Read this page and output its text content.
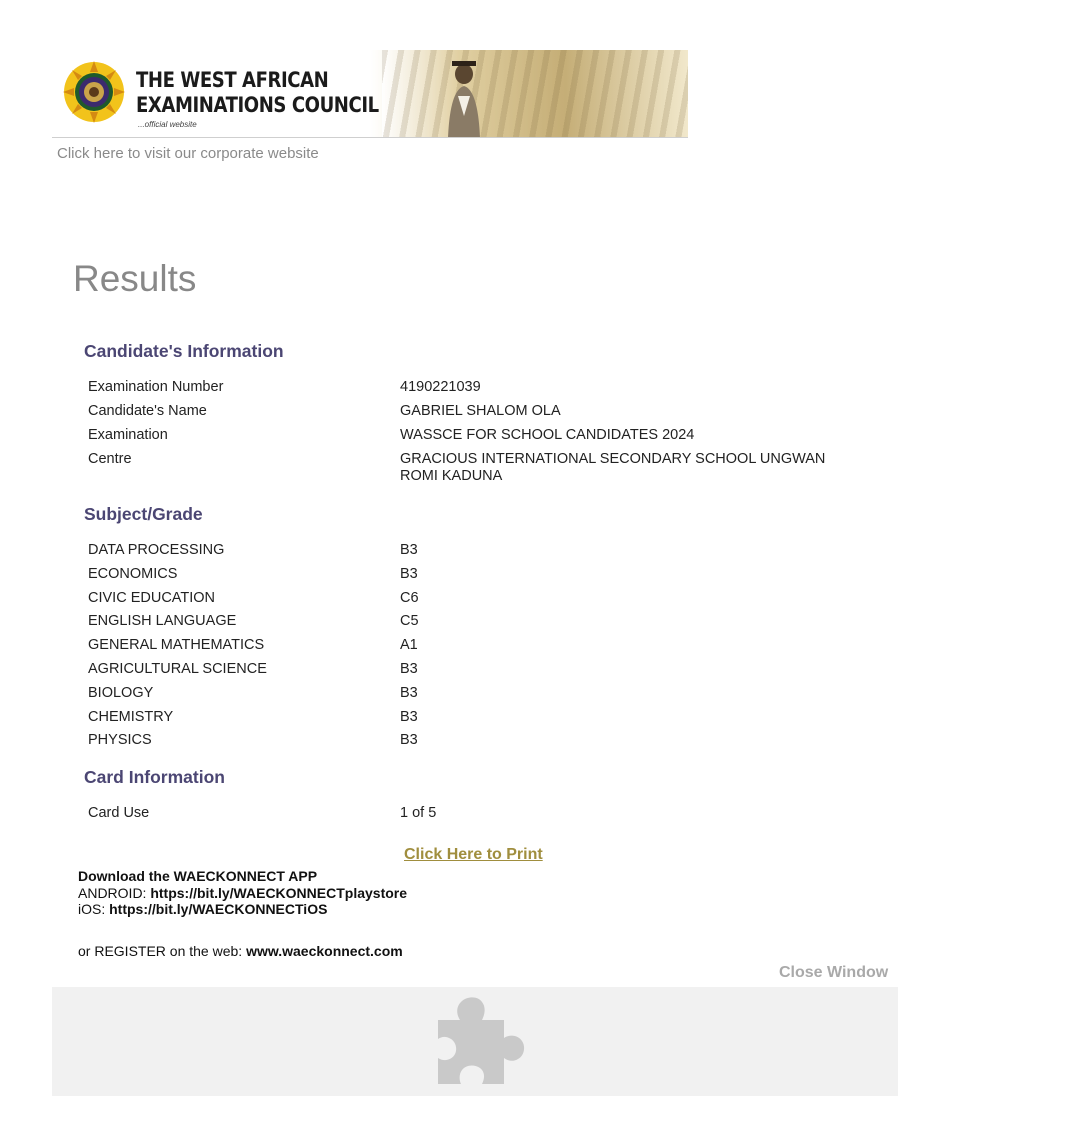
THE WEST AFRICAN
EXAMINATIONS COUNCIL
...official website
Click here to visit our corporate website
Results
Candidate's Information
Examination Number	4190221039
Candidate's Name	GABRIEL SHALOM OLA
Examination	WASSCE FOR SCHOOL CANDIDATES 2024
Centre	GRACIOUS INTERNATIONAL SECONDARY SCHOOL UNGWAN ROMI KADUNA
Subject/Grade
DATA PROCESSING	B3
ECONOMICS	B3
CIVIC EDUCATION	C6
ENGLISH LANGUAGE	C5
GENERAL MATHEMATICS	A1
AGRICULTURAL SCIENCE	B3
BIOLOGY	B3
CHEMISTRY	B3
PHYSICS	B3
Card Information
Card Use	1 of 5
Click Here to Print
Download the WAECKONNECT APP
ANDROID: https://bit.ly/WAECKONNECTplaystore
iOS: https://bit.ly/WAECKONNECTiOS
or REGISTER on the web: www.waeckonnect.com
Close Window
